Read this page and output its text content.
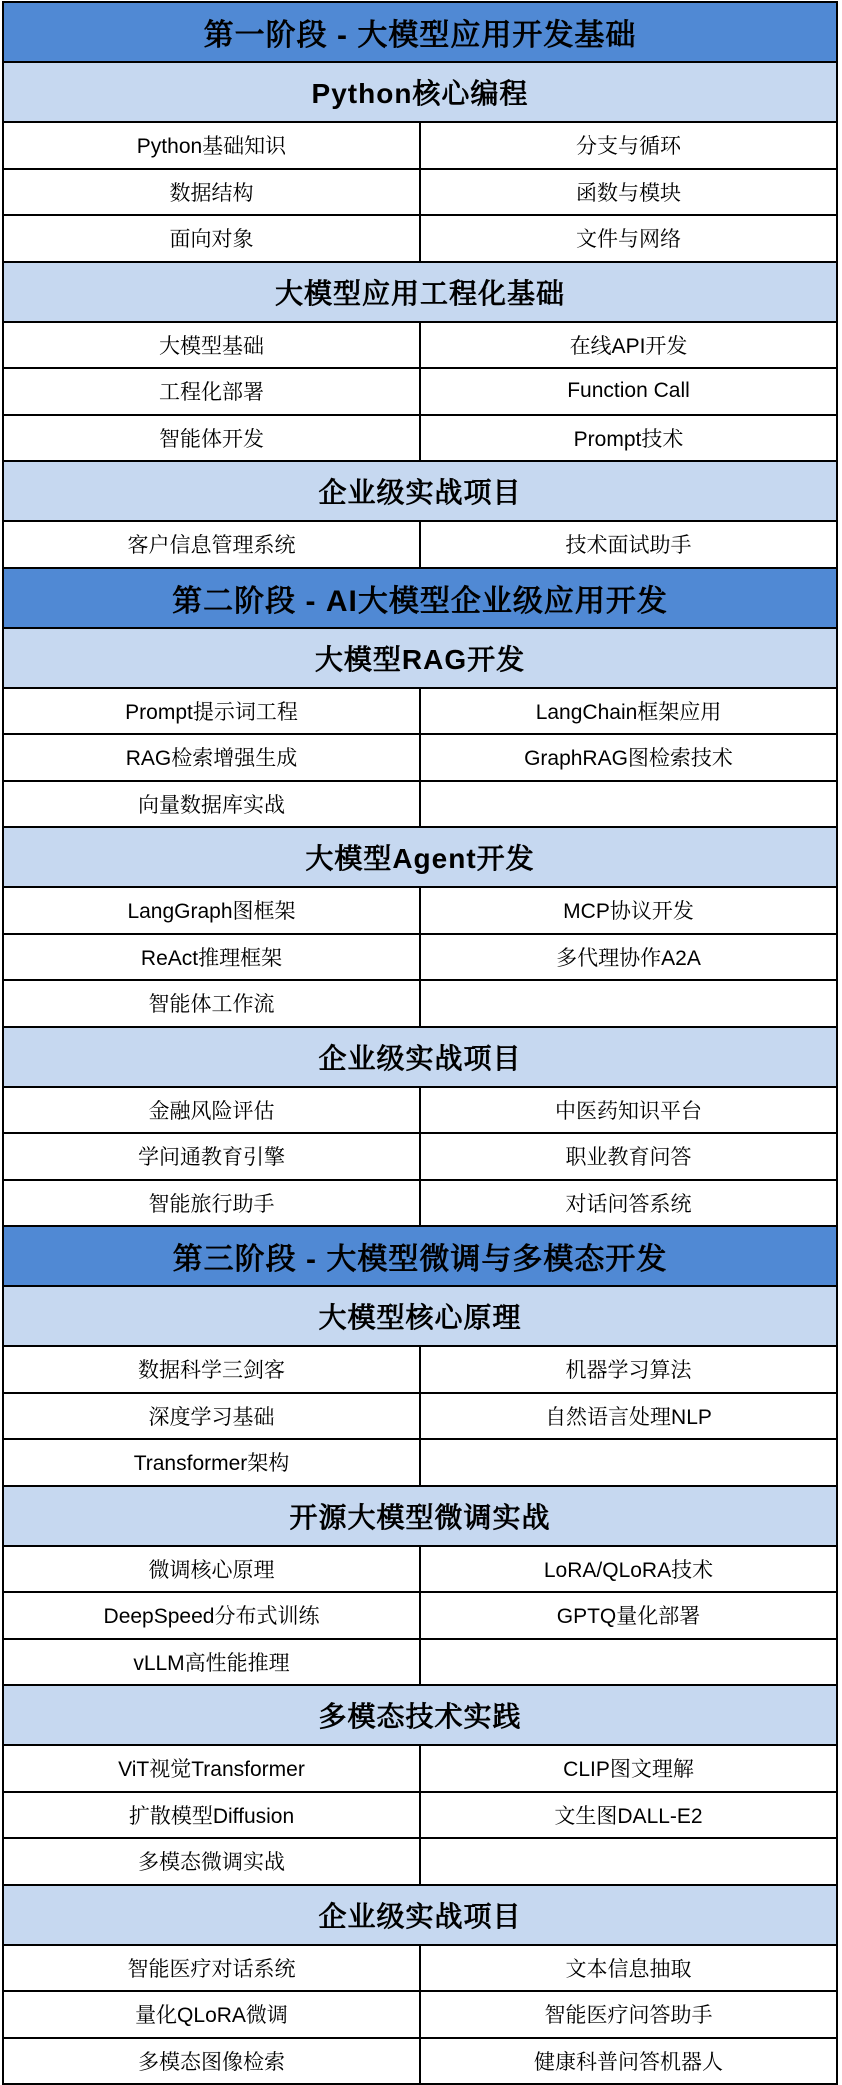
第一阶段 - 大模型应用开发基础
Python核心编程
Python基础知识	分支与循环
数据结构	函数与模块
面向对象	文件与网络
大模型应用工程化基础
大模型基础	在线API开发
工程化部署	Function Call
智能体开发	Prompt技术
企业级实战项目
客户信息管理系统	技术面试助手
第二阶段 - AI大模型企业级应用开发
大模型RAG开发
Prompt提示词工程	LangChain框架应用
RAG检索增强生成	GraphRAG图检索技术
向量数据库实战
大模型Agent开发
LangGraph图框架	MCP协议开发
ReAct推理框架	多代理协作A2A
智能体工作流
企业级实战项目
金融风险评估	中医药知识平台
学问通教育引擎	职业教育问答
智能旅行助手	对话问答系统
第三阶段 - 大模型微调与多模态开发
大模型核心原理
数据科学三剑客	机器学习算法
深度学习基础	自然语言处理NLP
Transformer架构
开源大模型微调实战
微调核心原理	LoRA/QLoRA技术
DeepSpeed分布式训练	GPTQ量化部署
vLLM高性能推理
多模态技术实践
ViT视觉Transformer	CLIP图文理解
扩散模型Diffusion	文生图DALL-E2
多模态微调实战
企业级实战项目
智能医疗对话系统	文本信息抽取
量化QLoRA微调	智能医疗问答助手
多模态图像检索	健康科普问答机器人
